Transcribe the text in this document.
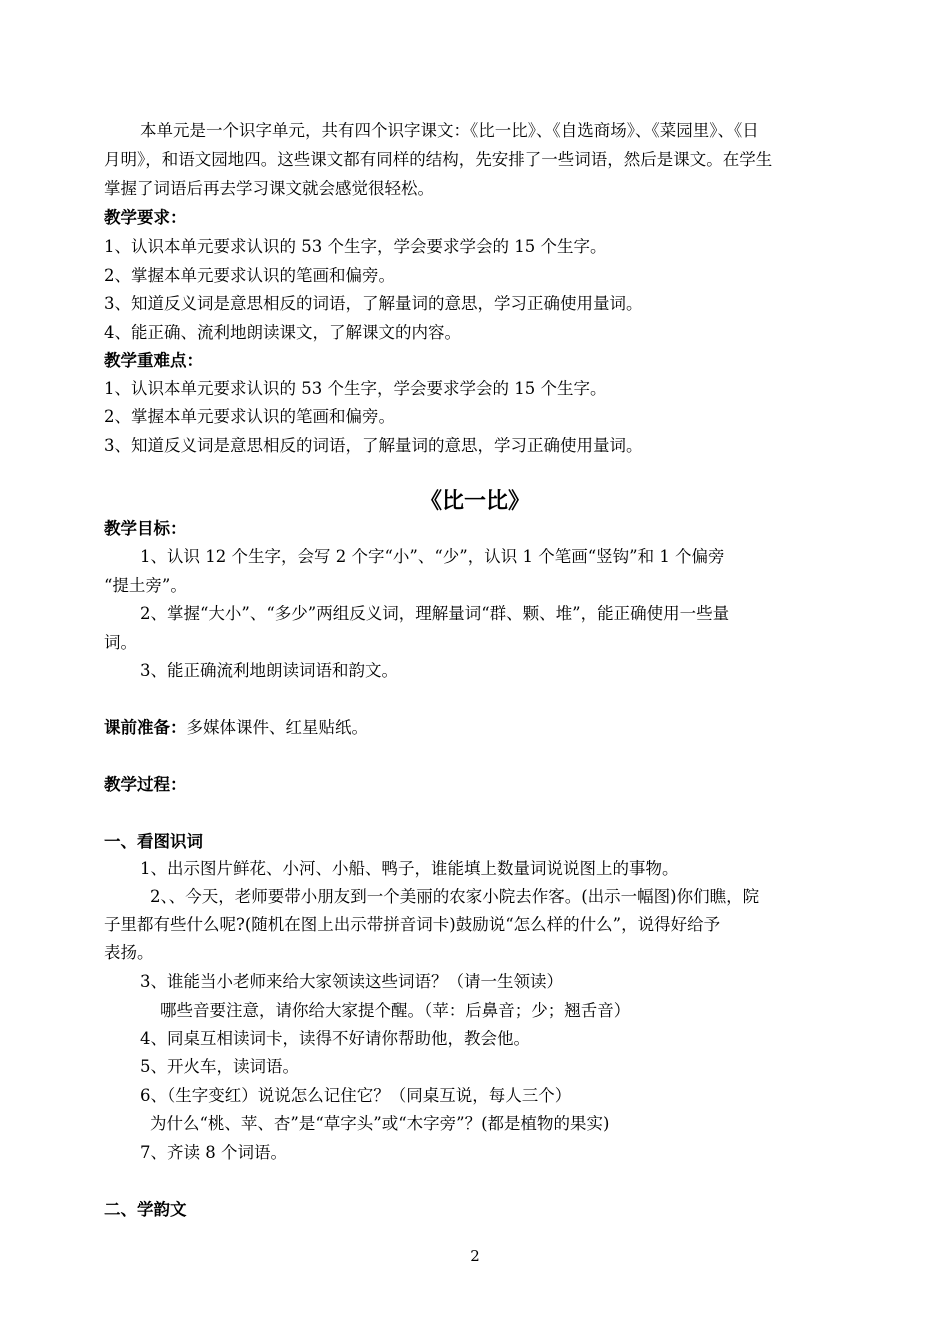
本单元是一个识字单元，共有四个识字课文：《比一比》、《自选商场》、《菜园里》、《日
月明》，和语文园地四。这些课文都有同样的结构，先安排了一些词语，然后是课文。在学生
掌握了词语后再去学习课文就会感觉很轻松。
教学要求：
1、认识本单元要求认识的 53 个生字，学会要求学会的 15 个生字。
2、掌握本单元要求认识的笔画和偏旁。
3、知道反义词是意思相反的词语，了解量词的意思，学习正确使用量词。
4、能正确、流利地朗读课文，了解课文的内容。
教学重难点：
1、认识本单元要求认识的 53 个生字，学会要求学会的 15 个生字。
2、掌握本单元要求认识的笔画和偏旁。
3、知道反义词是意思相反的词语，了解量词的意思，学习正确使用量词。
《比一比》
教学目标：
1、认识 12 个生字，会写 2 个字“小”、“少”，认识 1 个笔画“竖钩”和 1 个偏旁
“提土旁”。
2、掌握“大小”、“多少”两组反义词，理解量词“群、颗、堆”，能正确使用一些量
词。
3、能正确流利地朗读词语和韵文。
课前准备：多媒体课件、红星贴纸。
教学过程：
一、看图识词
1、出示图片鲜花、小河、小船、鸭子，谁能填上数量词说说图上的事物。
2、、今天，老师要带小朋友到一个美丽的农家小院去作客。(出示一幅图)你们瞧，院
子里都有些什么呢?(随机在图上出示带拼音词卡)鼓励说“怎么样的什么”，说得好给予
表扬。
3、谁能当小老师来给大家领读这些词语？（请一生领读）
哪些音要注意，请你给大家提个醒。（苹：后鼻音；少；翘舌音）
4、同桌互相读词卡，读得不好请你帮助他，教会他。
5、开火车，读词语。
6、（生字变红）说说怎么记住它？（同桌互说，每人三个）
为什么“桃、苹、杏”是“草字头”或“木字旁”？(都是植物的果实)
7、齐读 8 个词语。
二、学韵文
2
